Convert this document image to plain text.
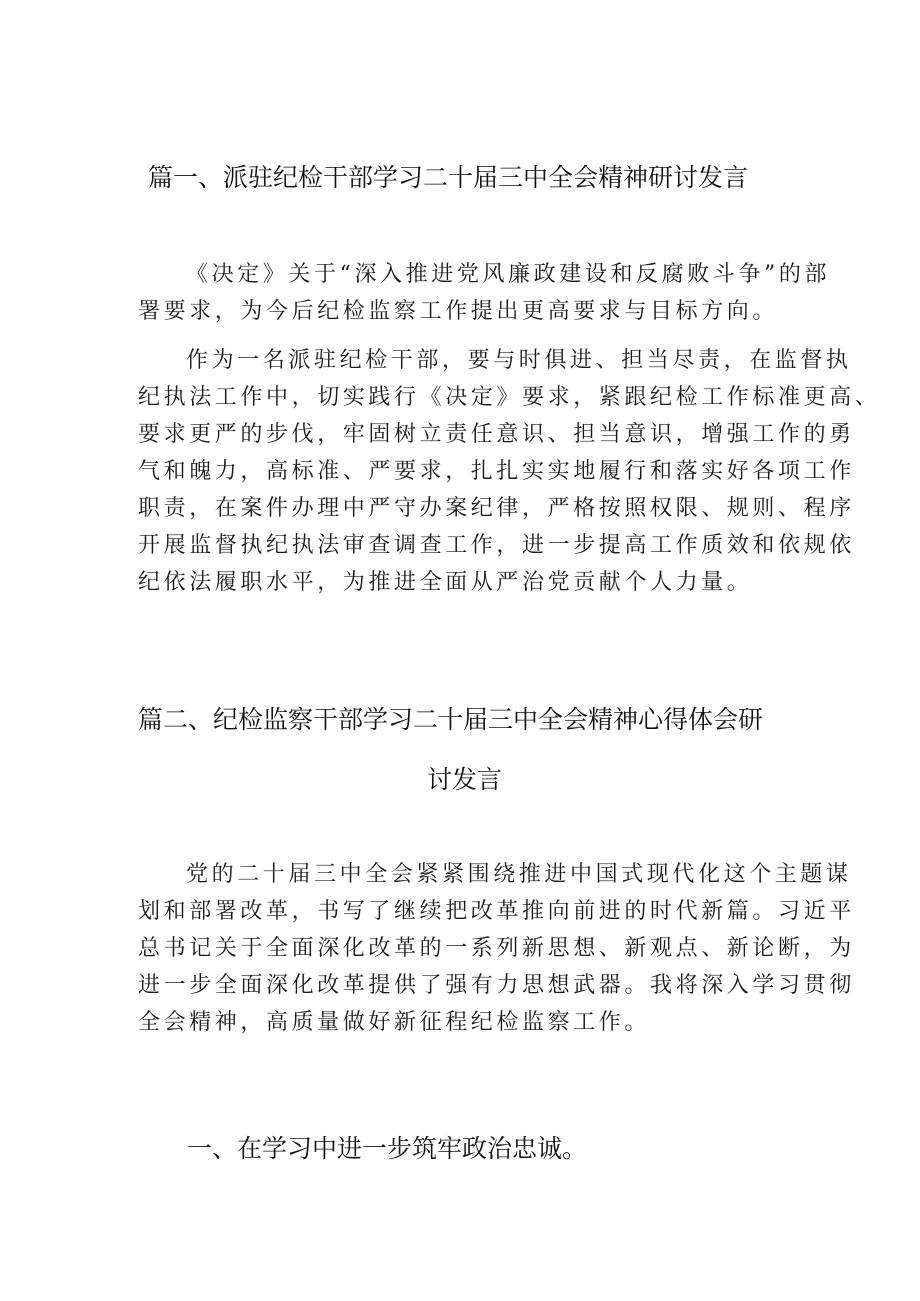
篇一、派驻纪检干部学习二十届三中全会精神研讨发言
《决定》关于“深入推进党风廉政建设和反腐败斗争”的部
署要求，为今后纪检监察工作提出更高要求与目标方向。
作为一名派驻纪检干部，要与时俱进、担当尽责，在监督执
纪执法工作中，切实践行《决定》要求，紧跟纪检工作标准更高、
要求更严的步伐，牢固树立责任意识、担当意识，增强工作的勇
气和魄力，高标准、严要求，扎扎实实地履行和落实好各项工作
职责，在案件办理中严守办案纪律，严格按照权限、规则、程序
开展监督执纪执法审查调查工作，进一步提高工作质效和依规依
纪依法履职水平，为推进全面从严治党贡献个人力量。
篇二、纪检监察干部学习二十届三中全会精神心得体会研
讨发言
党的二十届三中全会紧紧围绕推进中国式现代化这个主题谋
划和部署改革，书写了继续把改革推向前进的时代新篇。习近平
总书记关于全面深化改革的一系列新思想、新观点、新论断，为
进一步全面深化改革提供了强有力思想武器。我将深入学习贯彻
全会精神，高质量做好新征程纪检监察工作。
一、在学习中进一步筑牢政治忠诚。
